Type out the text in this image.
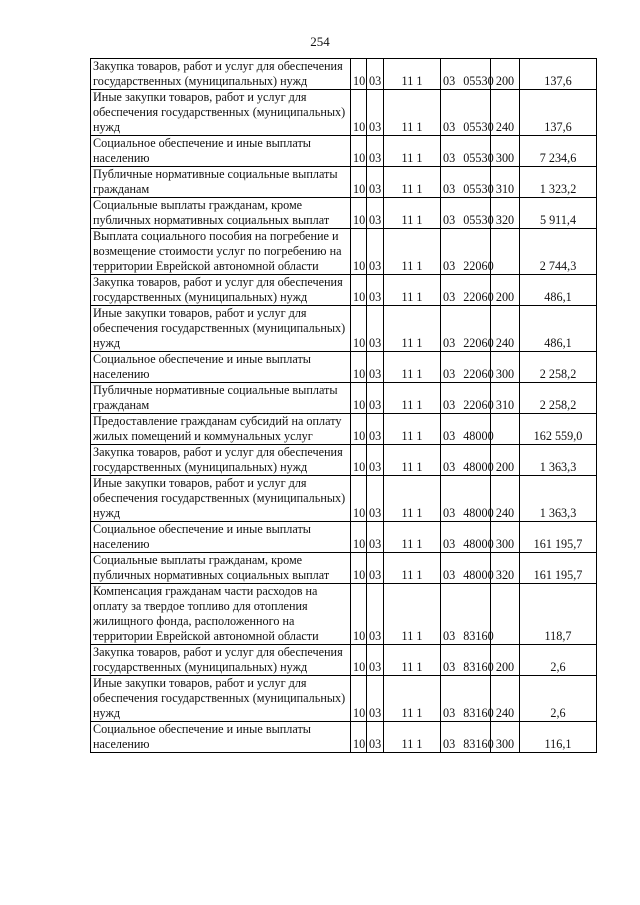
254
Закупка товаров, работ и услуг для обеспечения государственных (муниципальных) нужд	10	03	11 1	03 05530	200	137,6
Иные закупки товаров, работ и услуг для обеспечения государственных (муниципальных) нужд	10	03	11 1	03 05530	240	137,6
Социальное обеспечение и иные выплаты населению	10	03	11 1	03 05530	300	7 234,6
Публичные нормативные социальные выплаты гражданам	10	03	11 1	03 05530	310	1 323,2
Социальные выплаты гражданам, кроме публичных нормативных социальных выплат	10	03	11 1	03 05530	320	5 911,4
Выплата социального пособия на погребение и возмещение стоимости услуг по погребению на территории Еврейской автономной области	10	03	11 1	03 22060		2 744,3
Закупка товаров, работ и услуг для обеспечения государственных (муниципальных) нужд	10	03	11 1	03 22060	200	486,1
Иные закупки товаров, работ и услуг для обеспечения государственных (муниципальных) нужд	10	03	11 1	03 22060	240	486,1
Социальное обеспечение и иные выплаты населению	10	03	11 1	03 22060	300	2 258,2
Публичные нормативные социальные выплаты гражданам	10	03	11 1	03 22060	310	2 258,2
Предоставление гражданам субсидий на оплату жилых помещений и коммунальных услуг	10	03	11 1	03 48000		162 559,0
Закупка товаров, работ и услуг для обеспечения государственных (муниципальных) нужд	10	03	11 1	03 48000	200	1 363,3
Иные закупки товаров, работ и услуг для обеспечения государственных (муниципальных) нужд	10	03	11 1	03 48000	240	1 363,3
Социальное обеспечение и иные выплаты населению	10	03	11 1	03 48000	300	161 195,7
Социальные выплаты гражданам, кроме публичных нормативных социальных выплат	10	03	11 1	03 48000	320	161 195,7
Компенсация гражданам части расходов на оплату за твердое топливо для отопления жилищного фонда, расположенного на территории Еврейской автономной области	10	03	11 1	03 83160		118,7
Закупка товаров, работ и услуг для обеспечения государственных (муниципальных) нужд	10	03	11 1	03 83160	200	2,6
Иные закупки товаров, работ и услуг для обеспечения государственных (муниципальных) нужд	10	03	11 1	03 83160	240	2,6
Социальное обеспечение и иные выплаты населению	10	03	11 1	03 83160	300	116,1
